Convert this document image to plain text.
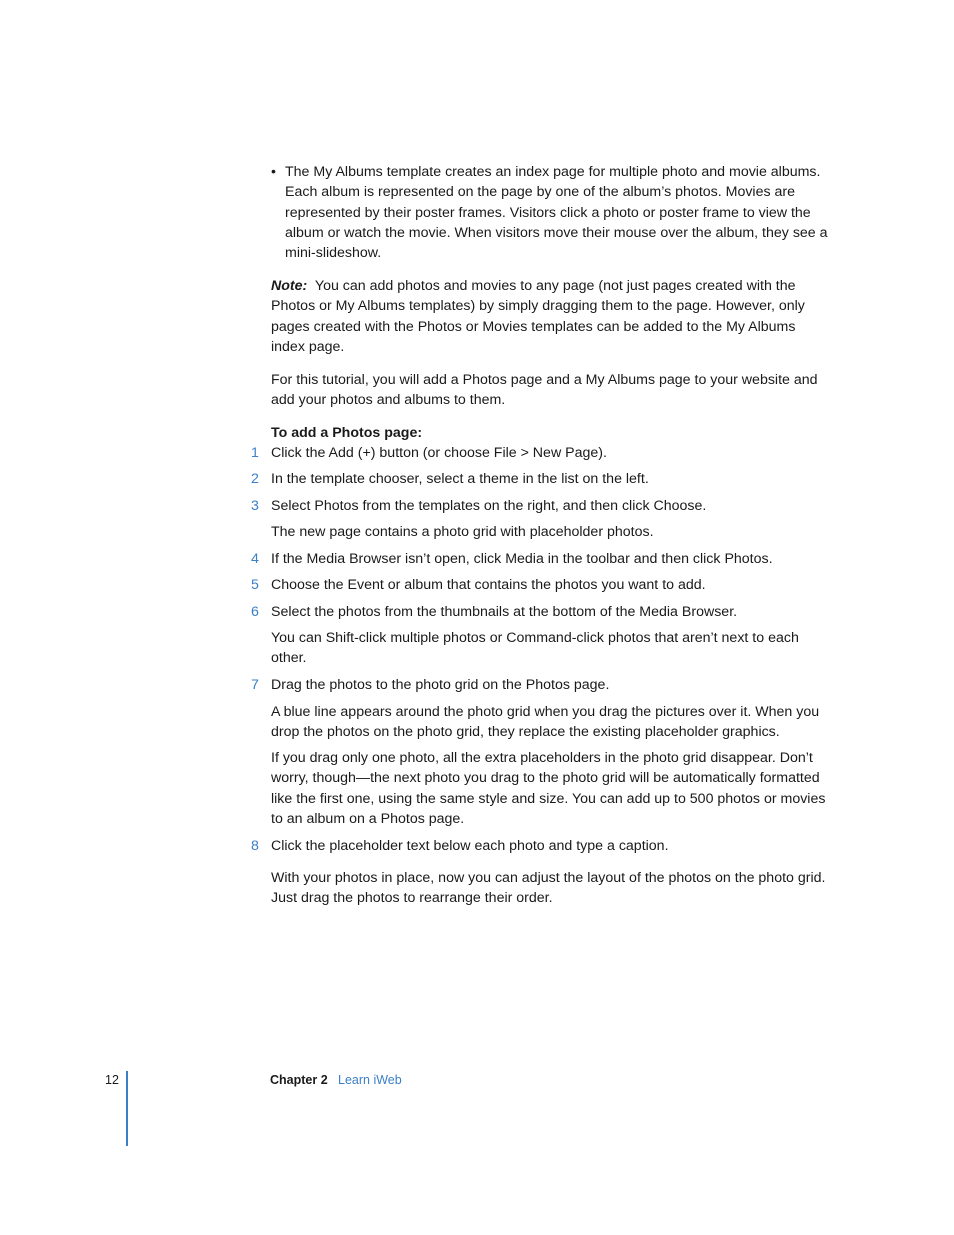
• The My Albums template creates an index page for multiple photo and movie albums. Each album is represented on the page by one of the album’s photos. Movies are represented by their poster frames. Visitors click a photo or poster frame to view the album or watch the movie. When visitors move their mouse over the album, they see a mini-slideshow.

Note: You can add photos and movies to any page (not just pages created with the Photos or My Albums templates) by simply dragging them to the page. However, only pages created with the Photos or Movies templates can be added to the My Albums index page.

For this tutorial, you will add a Photos page and a My Albums page to your website and add your photos and albums to them.

To add a Photos page:

1 Click the Add (+) button (or choose File > New Page).

2 In the template chooser, select a theme in the list on the left.

3 Select Photos from the templates on the right, and then click Choose.

The new page contains a photo grid with placeholder photos.

4 If the Media Browser isn’t open, click Media in the toolbar and then click Photos.

5 Choose the Event or album that contains the photos you want to add.

6 Select the photos from the thumbnails at the bottom of the Media Browser.

You can Shift-click multiple photos or Command-click photos that aren’t next to each other.

7 Drag the photos to the photo grid on the Photos page.

A blue line appears around the photo grid when you drag the pictures over it. When you drop the photos on the photo grid, they replace the existing placeholder graphics.

If you drag only one photo, all the extra placeholders in the photo grid disappear. Don’t worry, though—the next photo you drag to the photo grid will be automatically formatted like the first one, using the same style and size. You can add up to 500 photos or movies to an album on a Photos page.

8 Click the placeholder text below each photo and type a caption.

With your photos in place, now you can adjust the layout of the photos on the photo grid. Just drag the photos to rearrange their order.

12	Chapter 2 Learn iWeb
